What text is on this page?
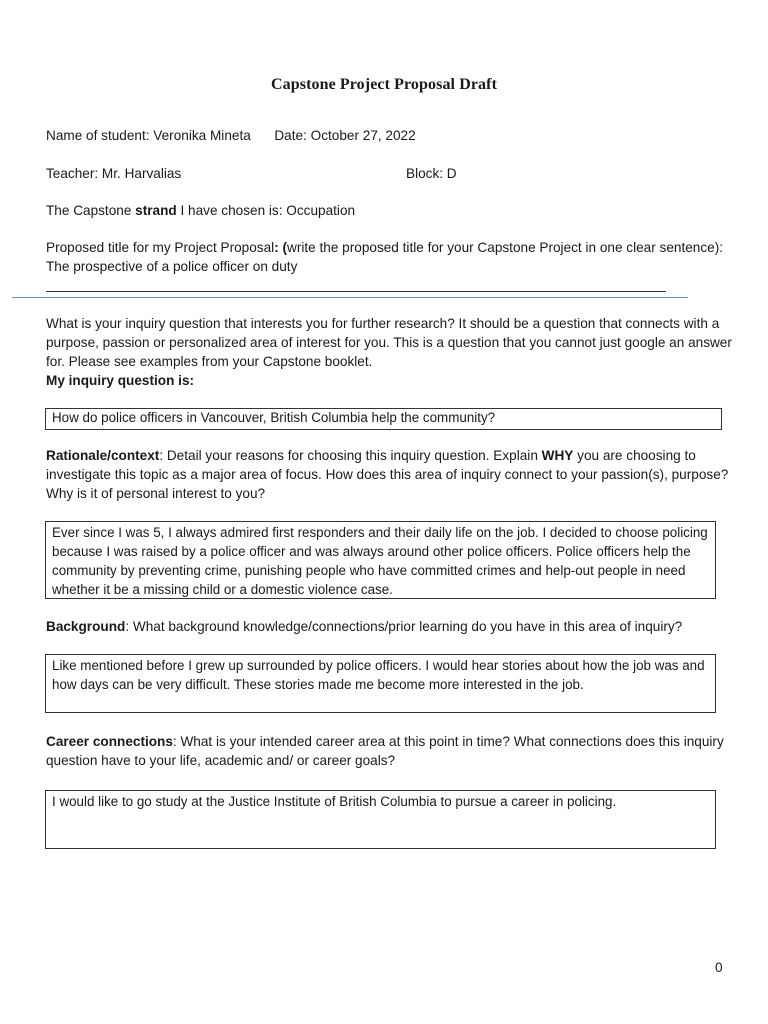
Capstone Project Proposal Draft
Name of student: Veronika Mineta Date: October 27, 2022
Teacher: Mr. Harvalias	Block: D
The Capstone strand I have chosen is: Occupation
Proposed title for my Project Proposal: (write the proposed title for your Capstone Project in one clear sentence): The prospective of a police officer on duty
What is your inquiry question that interests you for further research? It should be a question that connects with a purpose, passion or personalized area of interest for you. This is a question that you cannot just google an answer for. Please see examples from your Capstone booklet.
My inquiry question is:
How do police officers in Vancouver, British Columbia help the community?
Rationale/context: Detail your reasons for choosing this inquiry question. Explain WHY you are choosing to investigate this topic as a major area of focus. How does this area of inquiry connect to your passion(s), purpose? Why is it of personal interest to you?
Ever since I was 5, I always admired first responders and their daily life on the job. I decided to choose policing because I was raised by a police officer and was always around other police officers. Police officers help the community by preventing crime, punishing people who have committed crimes and help-out people in need whether it be a missing child or a domestic violence case.
Background: What background knowledge/connections/prior learning do you have in this area of inquiry?
Like mentioned before I grew up surrounded by police officers. I would hear stories about how the job was and how days can be very difficult. These stories made me become more interested in the job.
Career connections: What is your intended career area at this point in time? What connections does this inquiry question have to your life, academic and/ or career goals?
I would like to go study at the Justice Institute of British Columbia to pursue a career in policing.
0
